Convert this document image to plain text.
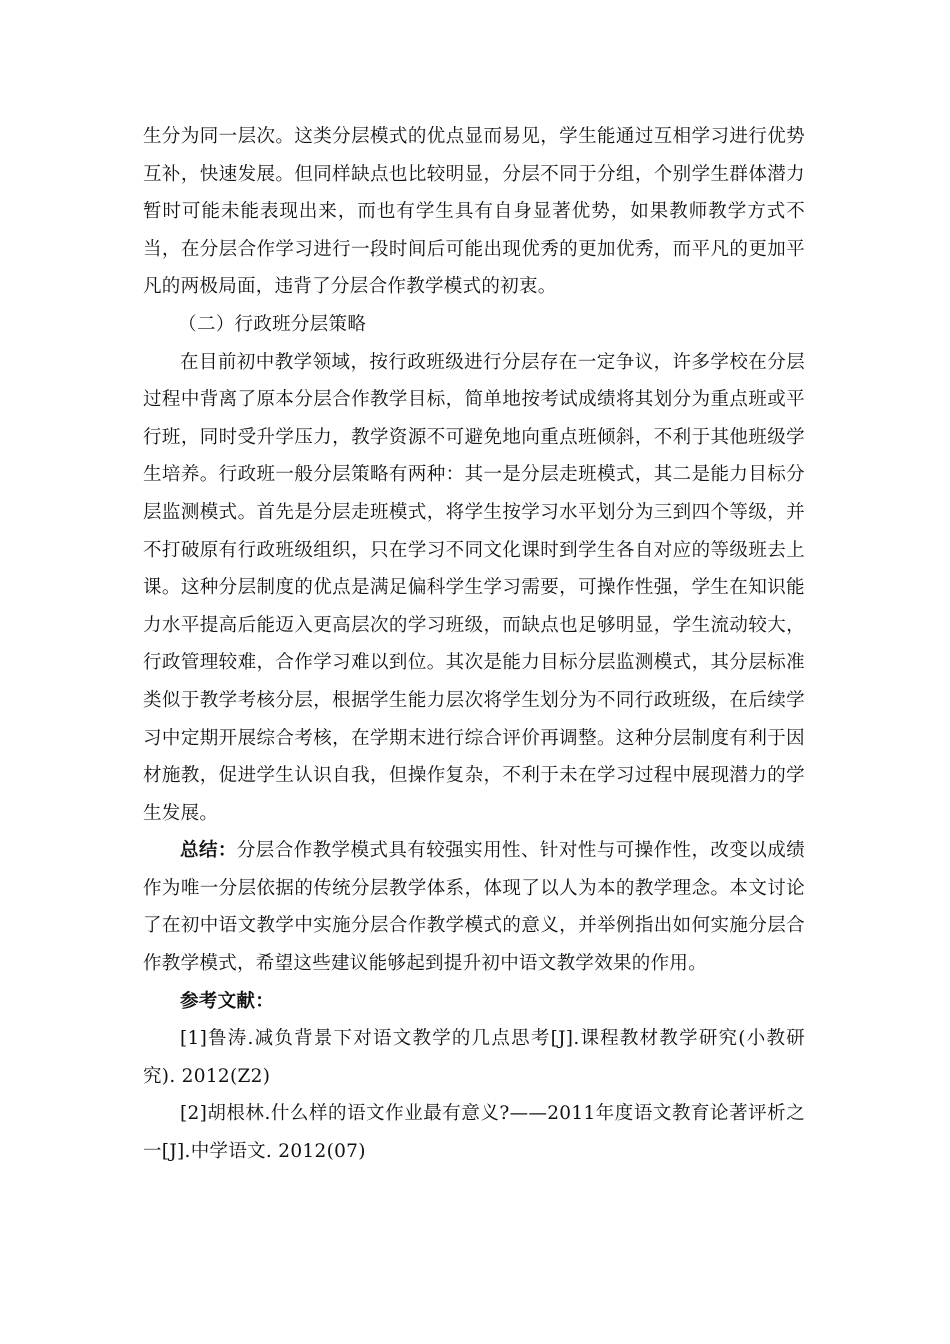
生分为同一层次。这类分层模式的优点显而易见，学生能通过互相学习进行优势互补，快速发展。但同样缺点也比较明显，分层不同于分组，个别学生群体潜力暂时可能未能表现出来，而也有学生具有自身显著优势，如果教师教学方式不当，在分层合作学习进行一段时间后可能出现优秀的更加优秀，而平凡的更加平凡的两极局面，违背了分层合作教学模式的初衷。

（二）行政班分层策略

在目前初中教学领域，按行政班级进行分层存在一定争议，许多学校在分层过程中背离了原本分层合作教学目标，简单地按考试成绩将其划分为重点班或平行班，同时受升学压力，教学资源不可避免地向重点班倾斜，不利于其他班级学生培养。行政班一般分层策略有两种：其一是分层走班模式，其二是能力目标分层监测模式。首先是分层走班模式，将学生按学习水平划分为三到四个等级，并不打破原有行政班级组织，只在学习不同文化课时到学生各自对应的等级班去上课。这种分层制度的优点是满足偏科学生学习需要，可操作性强，学生在知识能力水平提高后能迈入更高层次的学习班级，而缺点也足够明显，学生流动较大，行政管理较难，合作学习难以到位。其次是能力目标分层监测模式，其分层标准类似于教学考核分层，根据学生能力层次将学生划分为不同行政班级，在后续学习中定期开展综合考核，在学期末进行综合评价再调整。这种分层制度有利于因材施教，促进学生认识自我，但操作复杂，不利于未在学习过程中展现潜力的学生发展。

总结：分层合作教学模式具有较强实用性、针对性与可操作性，改变以成绩作为唯一分层依据的传统分层教学体系，体现了以人为本的教学理念。本文讨论了在初中语文教学中实施分层合作教学模式的意义，并举例指出如何实施分层合作教学模式，希望这些建议能够起到提升初中语文教学效果的作用。

参考文献：

[1]鲁涛.减负背景下对语文教学的几点思考[J].课程教材教学研究(小教研究). 2012(Z2)

[2]胡根林.什么样的语文作业最有意义?——2011年度语文教育论著评析之一[J].中学语文. 2012(07)
